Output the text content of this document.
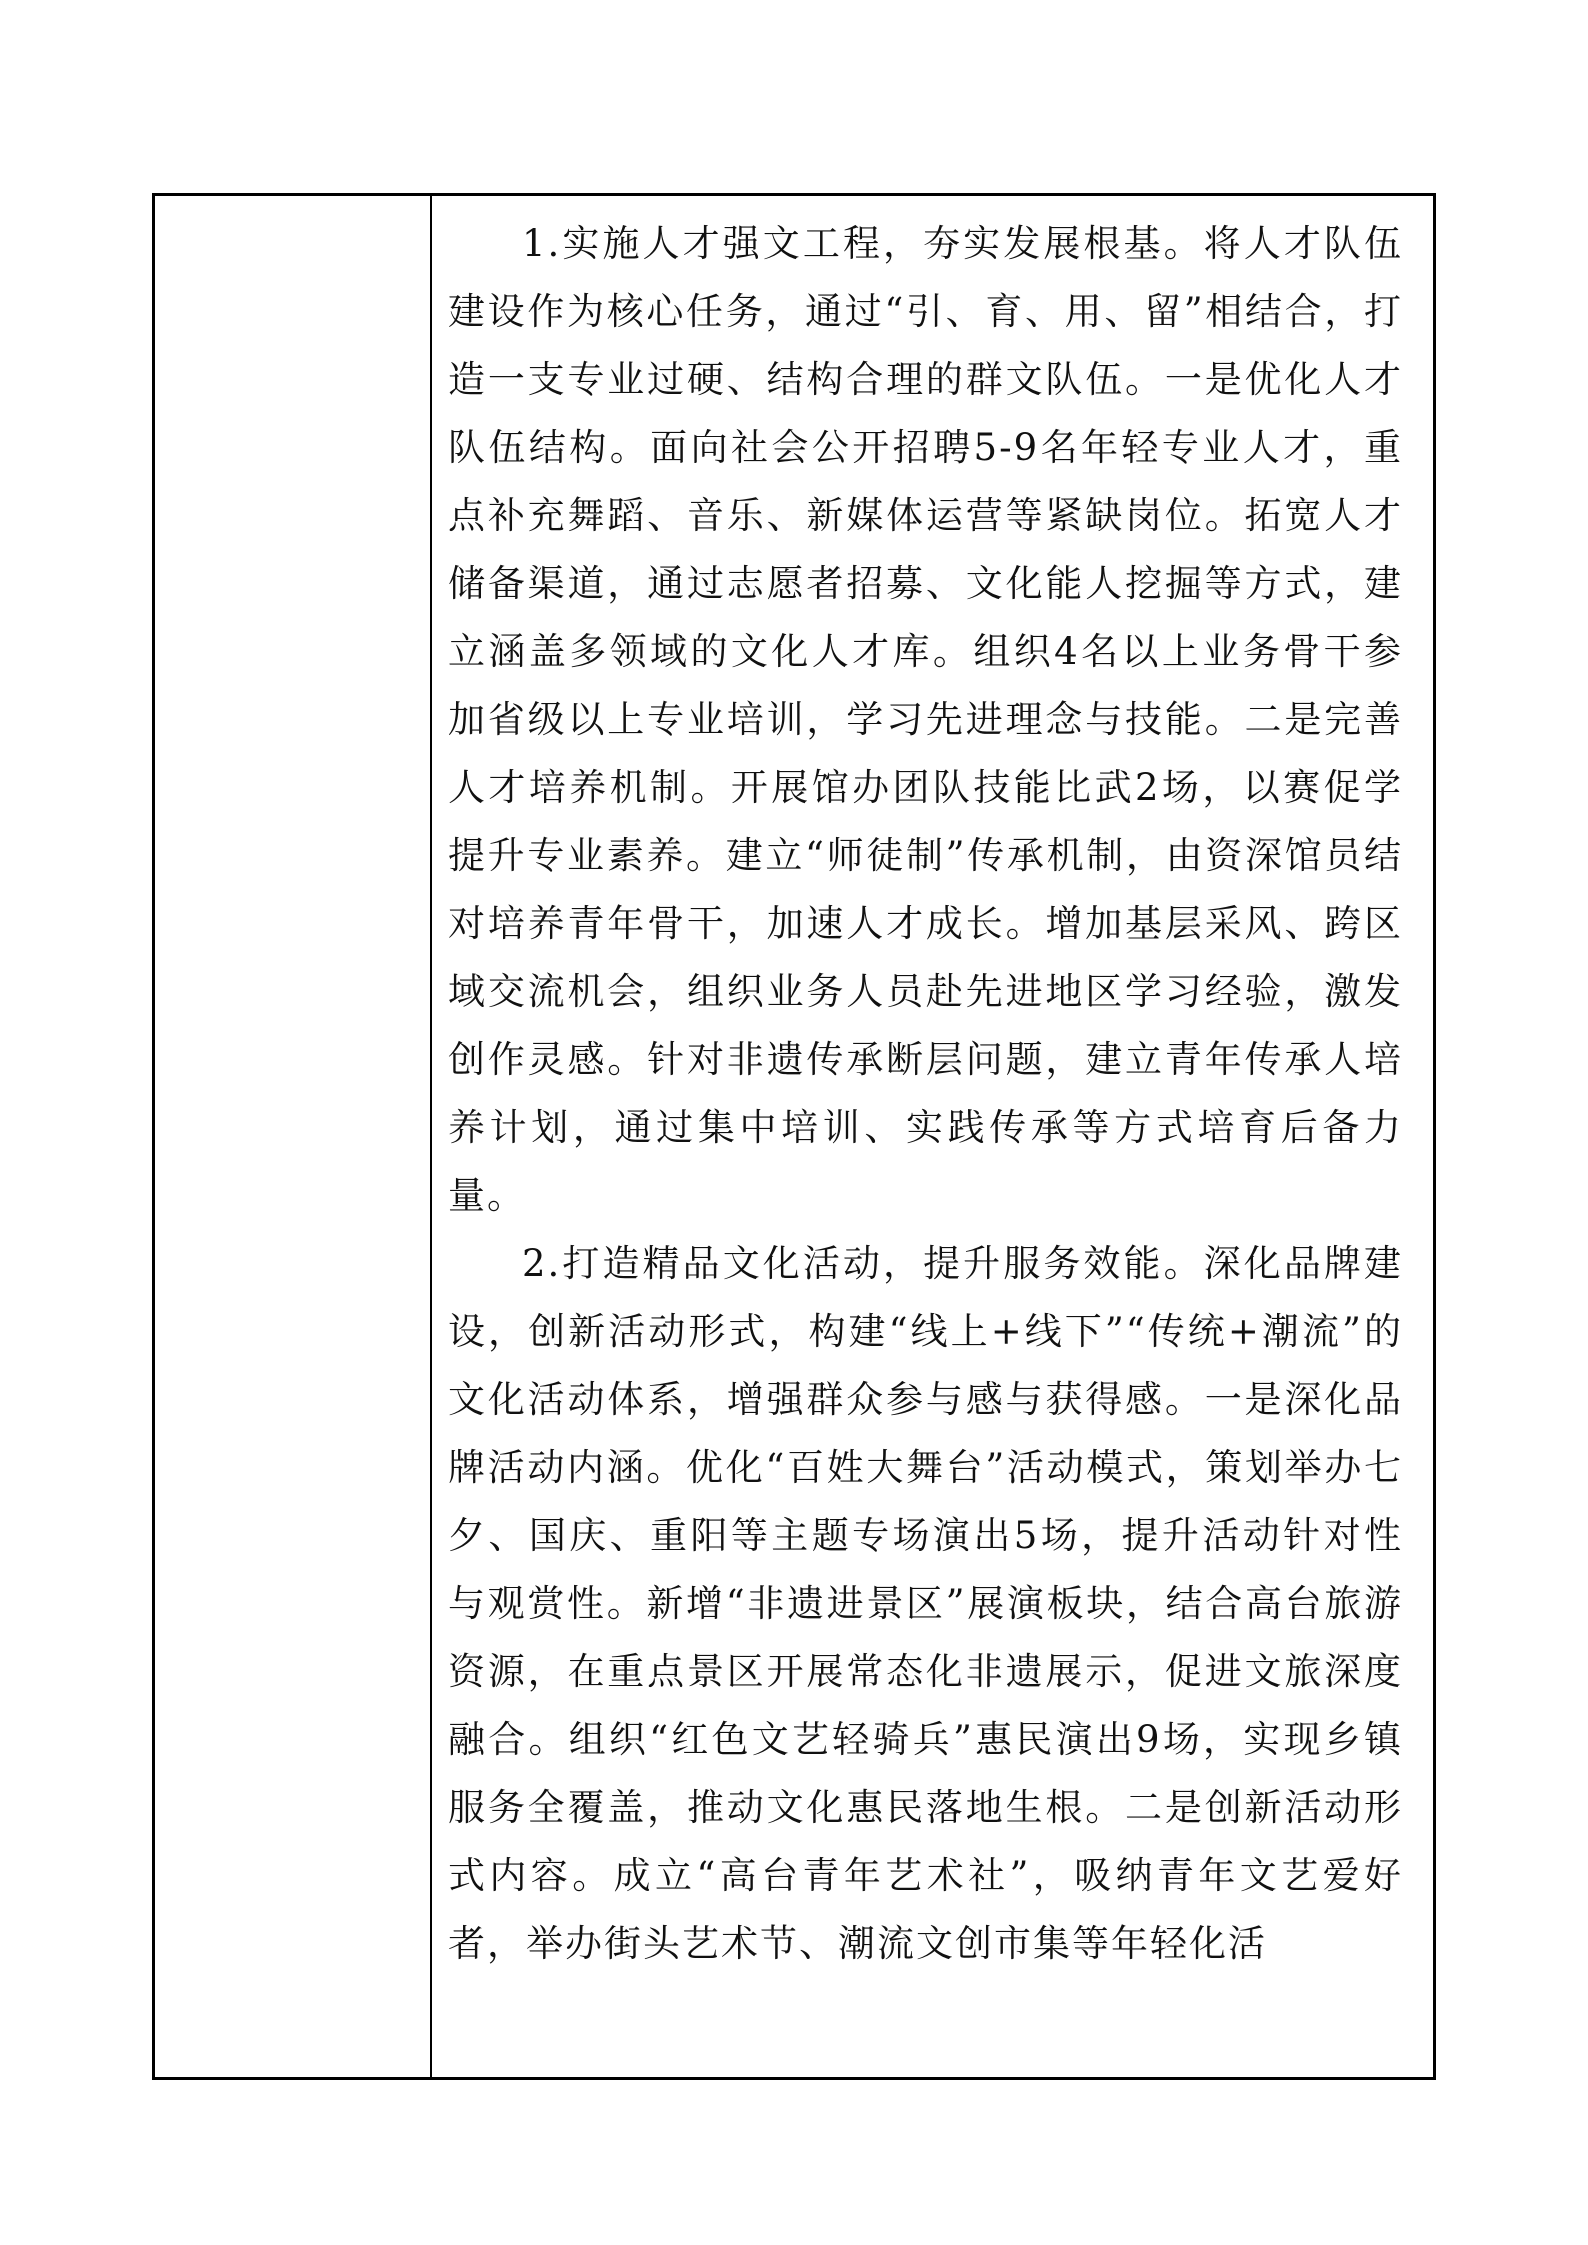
1.实施人才强文工程，夯实发展根基。将人才队伍建设作为核心任务，通过“引、育、用、留”相结合，打造一支专业过硬、结构合理的群文队伍。一是优化人才队伍结构。面向社会公开招聘5-9名年轻专业人才，重点补充舞蹈、音乐、新媒体运营等紧缺岗位。拓宽人才储备渠道，通过志愿者招募、文化能人挖掘等方式，建立涵盖多领域的文化人才库。组织4名以上业务骨干参加省级以上专业培训，学习先进理念与技能。二是完善人才培养机制。开展馆办团队技能比武2场，以赛促学提升专业素养。建立“师徒制”传承机制，由资深馆员结对培养青年骨干，加速人才成长。增加基层采风、跨区域交流机会，组织业务人员赴先进地区学习经验，激发创作灵感。针对非遗传承断层问题，建立青年传承人培养计划，通过集中培训、实践传承等方式培育后备力量。

2.打造精品文化活动，提升服务效能。深化品牌建设，创新活动形式，构建“线上+线下”“传统+潮流”的文化活动体系，增强群众参与感与获得感。一是深化品牌活动内涵。优化“百姓大舞台”活动模式，策划举办七夕、国庆、重阳等主题专场演出5场，提升活动针对性与观赏性。新增“非遗进景区”展演板块，结合高台旅游资源，在重点景区开展常态化非遗展示，促进文旅深度融合。组织“红色文艺轻骑兵”惠民演出9场，实现乡镇服务全覆盖，推动文化惠民落地生根。二是创新活动形式内容。成立“高台青年艺术社”，吸纳青年文艺爱好者，举办街头艺术节、潮流文创市集等年轻化活
